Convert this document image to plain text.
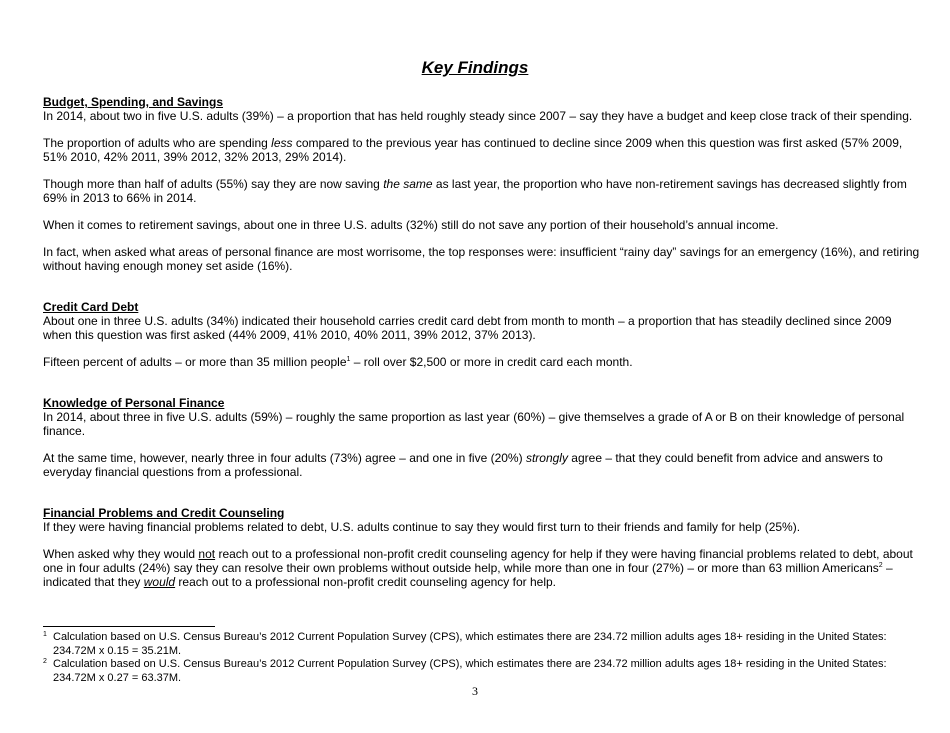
Key Findings
Budget, Spending, and Savings

In 2014, about two in five U.S. adults (39%) – a proportion that has held roughly steady since 2007 – say they have a budget and keep close track of their spending.

The proportion of adults who are spending less compared to the previous year has continued to decline since 2009 when this question was first asked (57% 2009, 51% 2010, 42% 2011, 39% 2012, 32% 2013, 29% 2014).

Though more than half of adults (55%) say they are now saving the same as last year, the proportion who have non-retirement savings has decreased slightly from 69% in 2013 to 66% in 2014.

When it comes to retirement savings, about one in three U.S. adults (32%) still do not save any portion of their household’s annual income.

In fact, when asked what areas of personal finance are most worrisome, the top responses were: insufficient “rainy day” savings for an emergency (16%), and retiring without having enough money set aside (16%).

Credit Card Debt

About one in three U.S. adults (34%) indicated their household carries credit card debt from month to month – a proportion that has steadily declined since 2009 when this question was first asked (44% 2009, 41% 2010, 40% 2011, 39% 2012, 37% 2013).

Fifteen percent of adults – or more than 35 million people$^1$ – roll over $2,500 or more in credit card each month.

Knowledge of Personal Finance

In 2014, about three in five U.S. adults (59%) – roughly the same proportion as last year (60%) – give themselves a grade of A or B on their knowledge of personal finance.

At the same time, however, nearly three in four adults (73%) agree – and one in five (20%) strongly agree – that they could benefit from advice and answers to everyday financial questions from a professional.

Financial Problems and Credit Counseling

If they were having financial problems related to debt, U.S. adults continue to say they would first turn to their friends and family for help (25%).

When asked why they would not reach out to a professional non-profit credit counseling agency for help if they were having financial problems related to debt, about one in four adults (24%) say they can resolve their own problems without outside help, while more than one in four (27%) – or more than 63 million Americans$^2$ – indicated that they would reach out to a professional non-profit credit counseling agency for help.

1 Calculation based on U.S. Census Bureau’s 2012 Current Population Survey (CPS), which estimates there are 234.72 million adults ages 18+ residing in the United States: 234.72M x 0.15 = 35.21M.
2 Calculation based on U.S. Census Bureau’s 2012 Current Population Survey (CPS), which estimates there are 234.72 million adults ages 18+ residing in the United States: 234.72M x 0.27 = 63.37M.
3
